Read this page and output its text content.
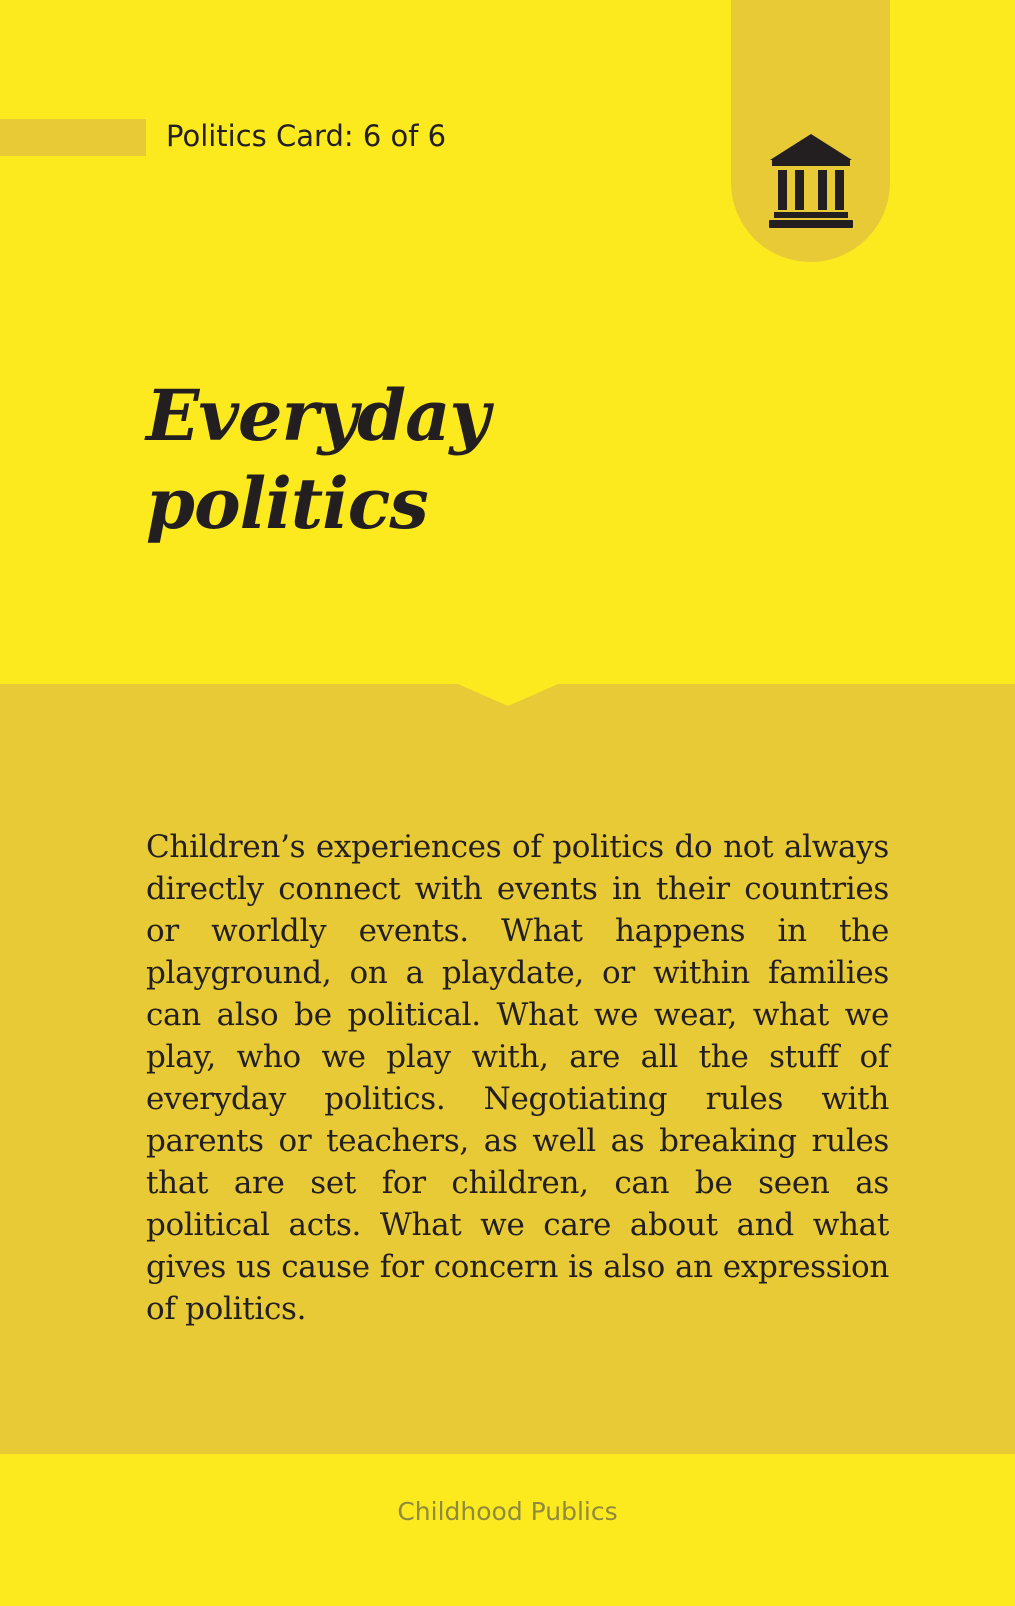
Politics Card: 6 of 6
Everyday
politics
Children’s experiences of politics do not always directly connect with events in their countries or worldly events. What happens in the playground, on a playdate, or within families can also be political. What we wear, what we play, who we play with, are all the stuff of everyday politics. Negotiating rules with parents or teachers, as well as breaking rules that are set for children, can be seen as political acts. What we care about and what gives us cause for concern is also an expression of politics.
Childhood Publics
